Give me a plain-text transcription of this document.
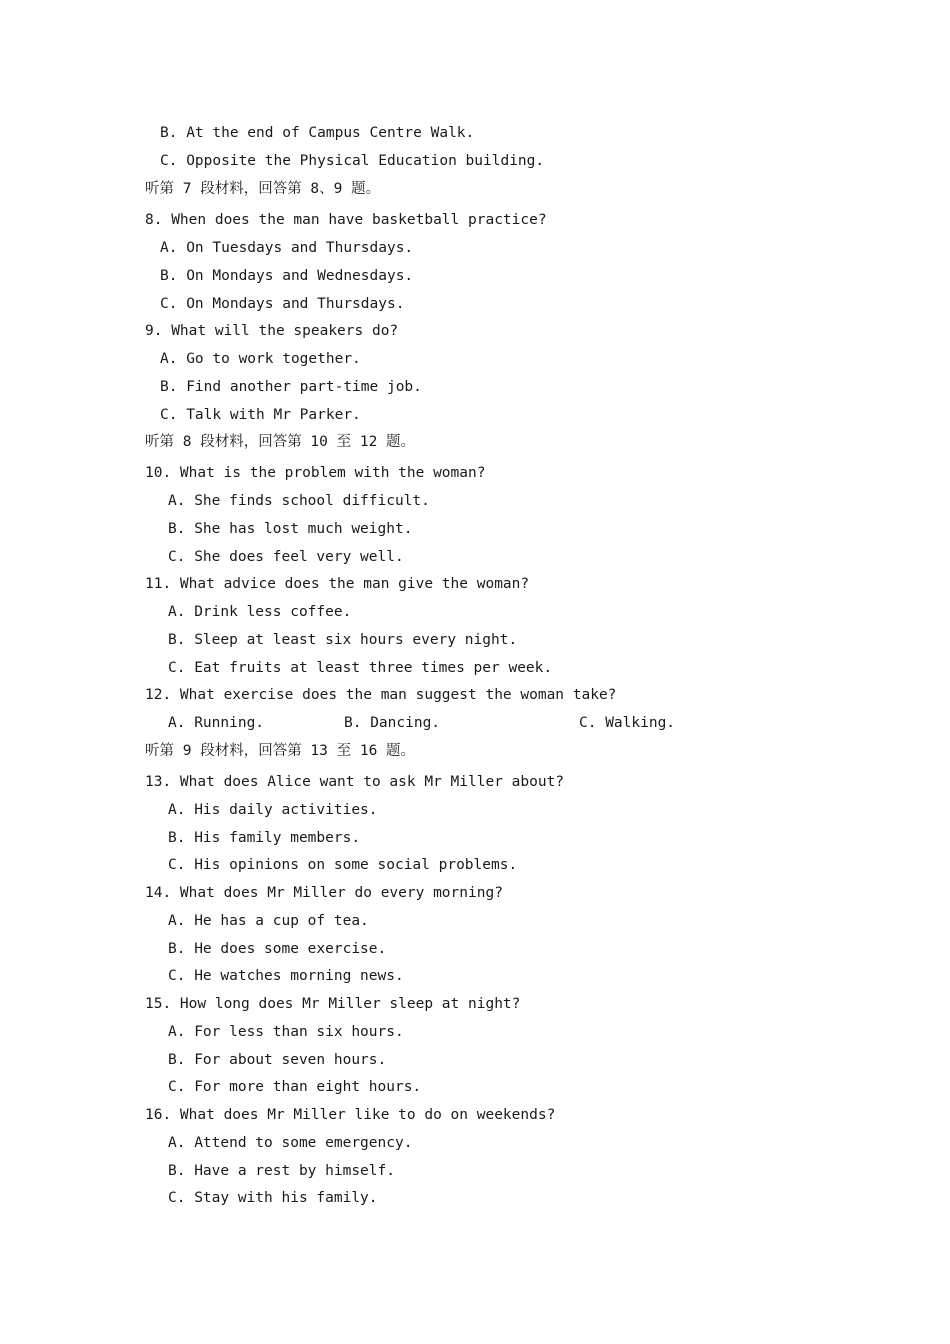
B. At the end of Campus Centre Walk.
C. Opposite the Physical Education building.
听第 7 段材料，回答第 8、9 题。
8. When does the man have basketball practice?
A. On Tuesdays and Thursdays.
B. On Mondays and Wednesdays.
C. On Mondays and Thursdays.
9. What will the speakers do?
A. Go to work together.
B. Find another part-time job.
C. Talk with Mr Parker.
听第 8 段材料，回答第 10 至 12 题。
10. What is the problem with the woman?
A. She finds school difficult.
B. She has lost much weight.
C. She does feel very well.
11. What advice does the man give the woman?
A. Drink less coffee.
B. Sleep at least six hours every night.
C. Eat fruits at least three times per week.
12. What exercise does the man suggest the woman take?
A. Running.	B. Dancing.	C. Walking.
听第 9 段材料，回答第 13 至 16 题。
13. What does Alice want to ask Mr Miller about?
A. His daily activities.
B. His family members.
C. His opinions on some social problems.
14. What does Mr Miller do every morning?
A. He has a cup of tea.
B. He does some exercise.
C. He watches morning news.
15. How long does Mr Miller sleep at night?
A. For less than six hours.
B. For about seven hours.
C. For more than eight hours.
16. What does Mr Miller like to do on weekends?
A. Attend to some emergency.
B. Have a rest by himself.
C. Stay with his family.
